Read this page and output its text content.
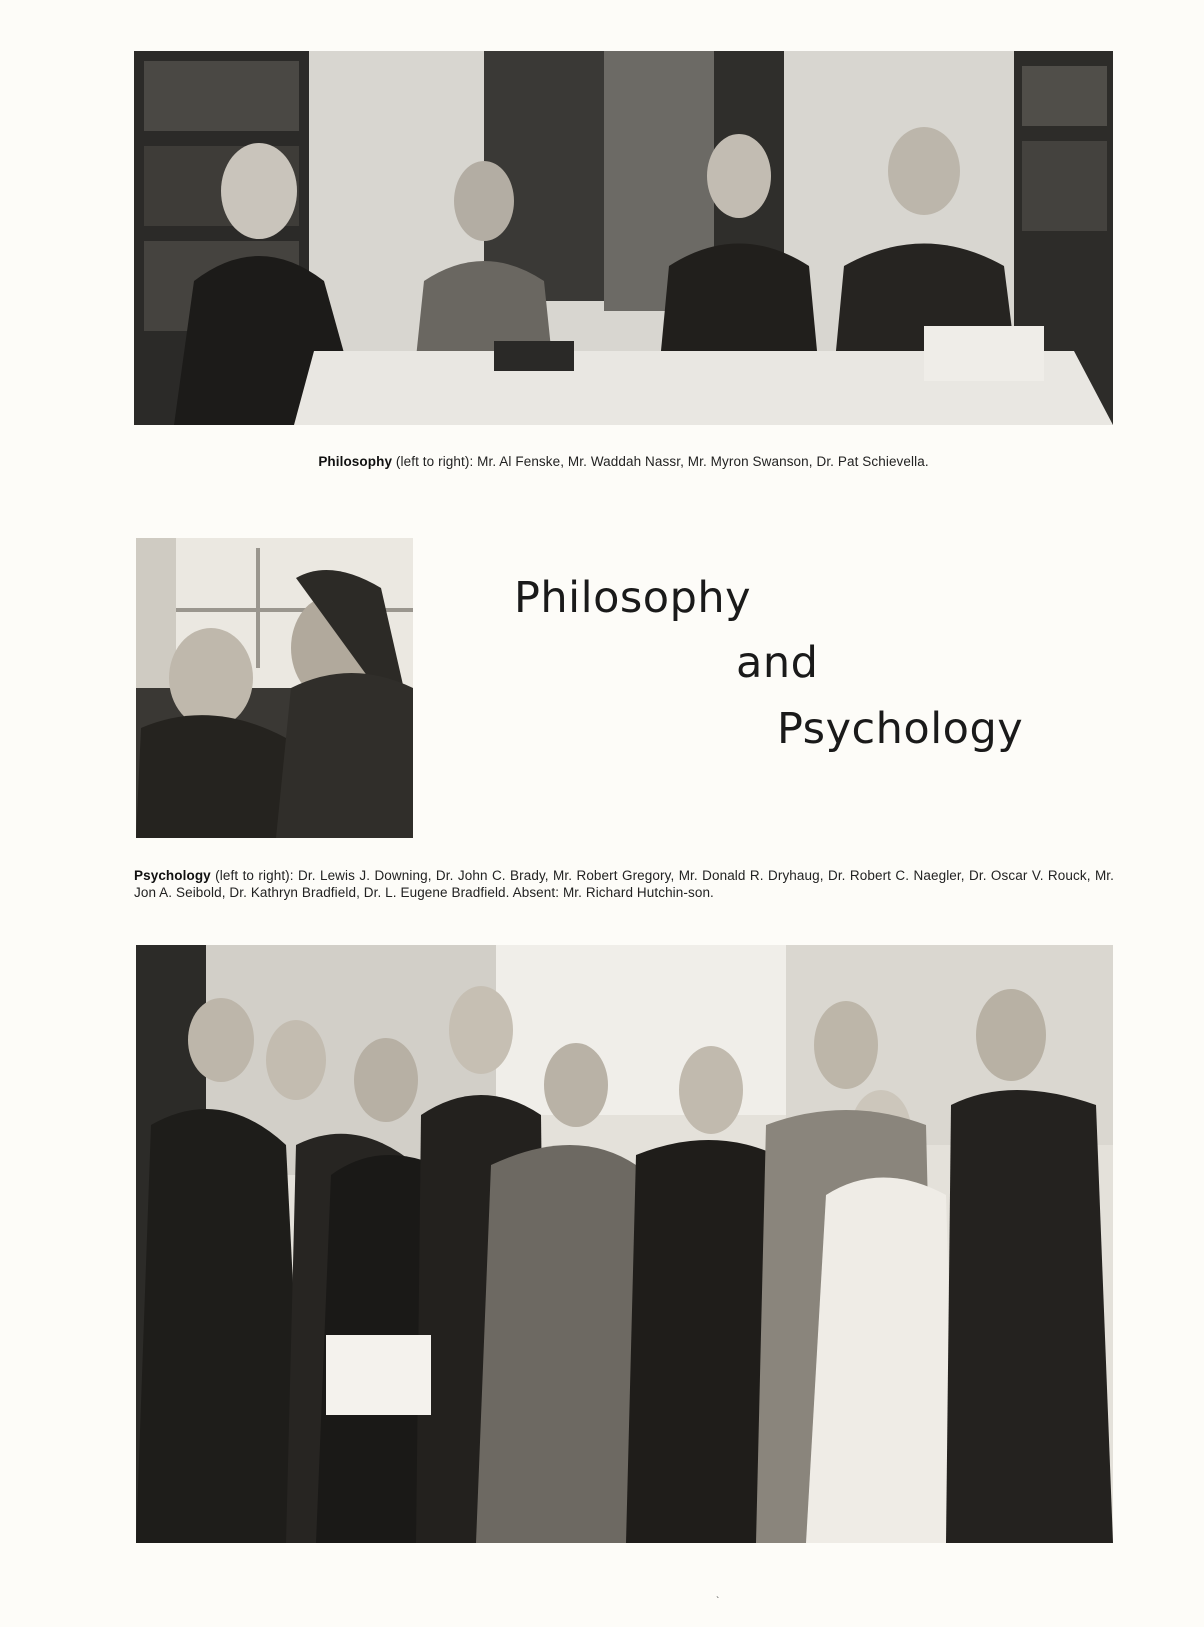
Philosophy (left to right): Mr. Al Fenske, Mr. Waddah Nassr, Mr. Myron Swanson, Dr. Pat Schievella.
Philosophy
and
Psychology
Psychology (left to right): Dr. Lewis J. Downing, Dr. John C. Brady, Mr. Robert Gregory, Mr. Donald R. Dryhaug, Dr. Robert C. Naegler, Dr. Oscar V. Rouck, Mr. Jon A. Seibold, Dr. Kathryn Bradfield, Dr. L. Eugene Bradfield. Absent: Mr. Richard Hutchin-son.
`
